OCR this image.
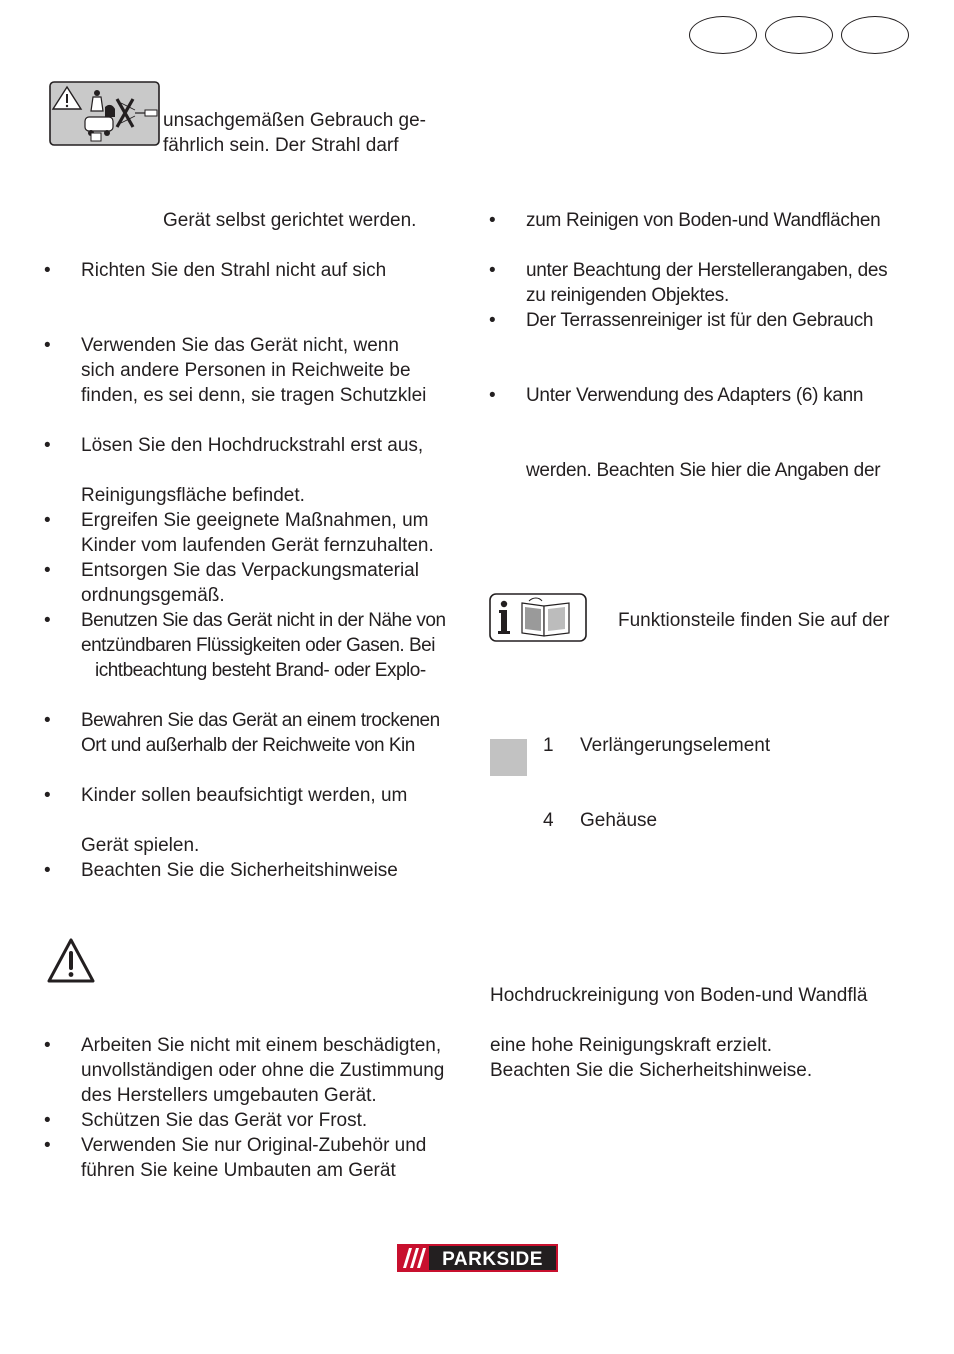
unsachgemäßen Gebrauch ge-
fährlich sein. Der Strahl darf
Gerät selbst gerichtet werden.
• Richten Sie den Strahl nicht auf sich
• Verwenden Sie das Gerät nicht, wenn
sich andere Personen in Reichweite be
finden, es sei denn, sie tragen Schutzklei
• Lösen Sie den Hochdruckstrahl erst aus,
Reinigungsfläche befindet.
• Ergreifen Sie geeignete Maßnahmen, um
Kinder vom laufenden Gerät fernzuhalten.
• Entsorgen Sie das Verpackungsmaterial
ordnungsgemäß.
• Benutzen Sie das Gerät nicht in der Nähe von
entzündbaren Flüssigkeiten oder Gasen. Bei
ichtbeachtung besteht Brand- oder Explo-
• Bewahren Sie das Gerät an einem trockenen
Ort und außerhalb der Reichweite von Kin
• Kinder sollen beaufsichtigt werden, um
Gerät spielen.
• Beachten Sie die Sicherheitshinweise
• Arbeiten Sie nicht mit einem beschädigten,
unvollständigen oder ohne die Zustimmung
des Herstellers umgebauten Gerät.
• Schützen Sie das Gerät vor Frost.
• Verwenden Sie nur Original-Zubehör und
führen Sie keine Umbauten am Gerät
• zum Reinigen von Boden-und Wandflächen
• unter Beachtung der Herstellerangaben, des
zu reinigenden Objektes.
• Der Terrassenreiniger ist für den Gebrauch
• Unter Verwendung des Adapters (6) kann
werden. Beachten Sie hier die Angaben der
Funktionsteile finden Sie auf der
1 Verlängerungselement
4 Gehäuse
Hochdruckreinigung von Boden-und Wandflä
eine hohe Reinigungskraft erzielt.
Beachten Sie die Sicherheitshinweise.
PARKSIDE
